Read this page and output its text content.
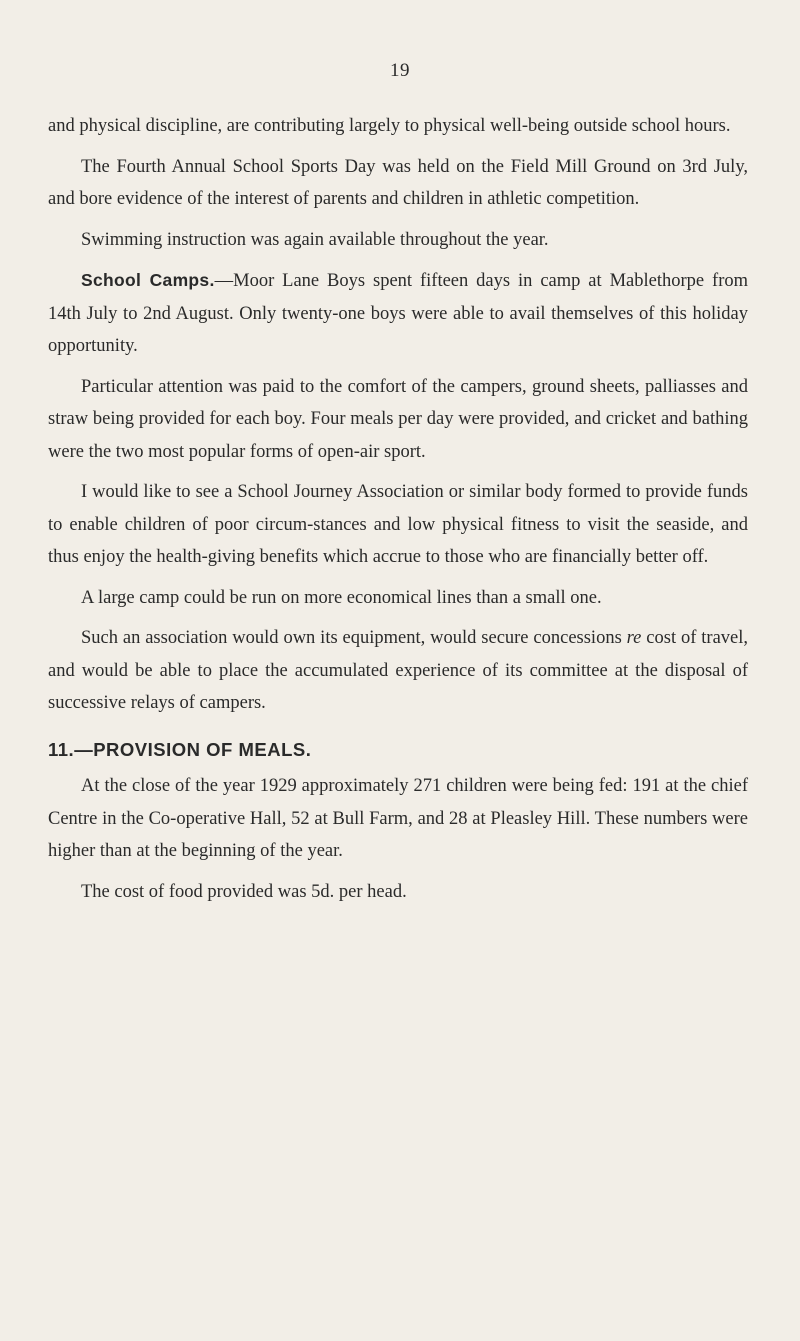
19

and physical discipline, are contributing largely to physical well-being outside school hours.

The Fourth Annual School Sports Day was held on the Field Mill Ground on 3rd July, and bore evidence of the interest of parents and children in athletic competition.

Swimming instruction was again available throughout the year.

School Camps.—Moor Lane Boys spent fifteen days in camp at Mablethorpe from 14th July to 2nd August. Only twenty-one boys were able to avail themselves of this holiday opportunity.

Particular attention was paid to the comfort of the campers, ground sheets, palliasses and straw being provided for each boy. Four meals per day were provided, and cricket and bathing were the two most popular forms of open-air sport.

I would like to see a School Journey Association or similar body formed to provide funds to enable children of poor circum-stances and low physical fitness to visit the seaside, and thus enjoy the health-giving benefits which accrue to those who are financially better off.

A large camp could be run on more economical lines than a small one.

Such an association would own its equipment, would secure concessions re cost of travel, and would be able to place the accumulated experience of its committee at the disposal of successive relays of campers.

11.—PROVISION OF MEALS.

At the close of the year 1929 approximately 271 children were being fed: 191 at the chief Centre in the Co-operative Hall, 52 at Bull Farm, and 28 at Pleasley Hill. These numbers were higher than at the beginning of the year.

The cost of food provided was 5d. per head.
